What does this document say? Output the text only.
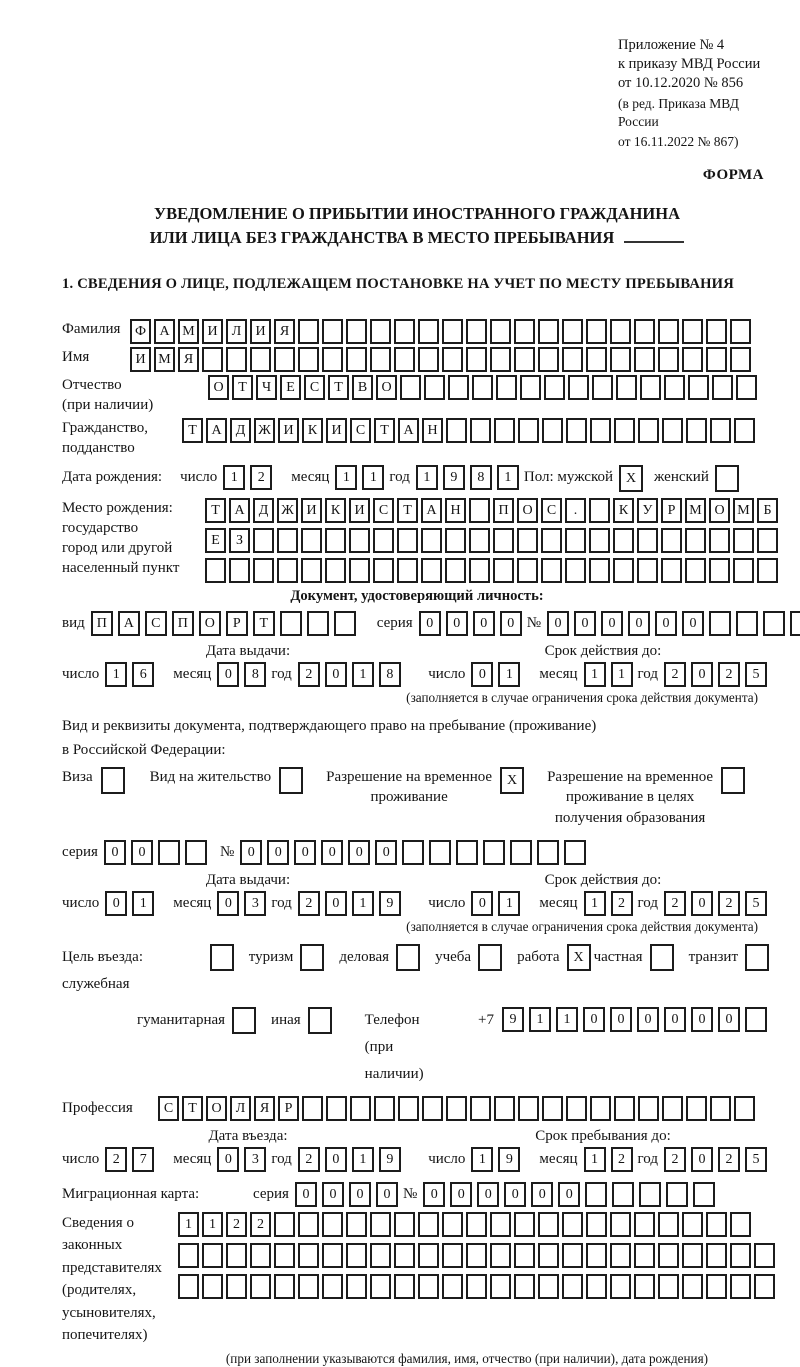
Приложение № 4
к приказу МВД России
от 10.12.2020 № 856
(в ред. Приказа МВД России
от 16.11.2022 № 867)
ФОРМА
УВЕДОМЛЕНИЕ О ПРИБЫТИИ ИНОСТРАННОГО ГРАЖДАНИНА
ИЛИ ЛИЦА БЕЗ ГРАЖДАНСТВА В МЕСТО ПРЕБЫВАНИЯ
1. СВЕДЕНИЯ О ЛИЦЕ, ПОДЛЕЖАЩЕМ ПОСТАНОВКЕ НА УЧЕТ ПО МЕСТУ ПРЕБЫВАНИЯ
Фамилия	Ф А М И Л И Я
Имя	И М Я
Отчество
(при наличии)
О Т Ч Е С Т В О
Гражданство,
подданство
Т А Д Ж И К И С Т А Н
Дата рождения: число 1 2	месяц 1 1 год 1 9 8 1 Пол: мужской X	женский
Место рождения:
государство
город или другой
населенный пункт
Т А Д Ж И К И С Т А Н	П О С .	К У Р М О М Б
Е З
Документ, удостоверяющий личность:
вид П А С П О Р Т	серия 0 0 0 0 № 0 0 0 0 0 0
Дата выдачи:	Срок действия до:
число 1 6	месяц 0 8 год 2 0 1 8	число 0 1	месяц 1 1 год 2 0 2 5
(заполняется в случае ограничения срока действия документа)
Вид и реквизиты документа, подтверждающего право на пребывание (проживание)
в Российской Федерации:
Виза	Вид на жительство	Разрешение на временное
проживание
X	Разрешение на временное
проживание в целях
получения образования
серия 0 0	№ 0 0 0 0 0 0
Дата выдачи:	Срок действия до:
число 0 1	месяц 0 3 год 2 0 1 9	число 0 1	месяц 1 2 год 2 0 2 5
(заполняется в случае ограничения срока действия документа)
Цель въезда: служебная
туризм	деловая	учеба	работа X частная	транзит
гуманитарная	иная	Телефон (при наличии)
+7	9 1 1 0 0 0 0 0 0
Профессия	С Т О Л Я Р
Дата въезда:	Срок пребывания до:
число 2 7	месяц 0 3 год 2 0 1 9	число 1 9	месяц 1 2 год 2 0 2 5
Миграционная карта:	серия 0 0 0 0 № 0 0 0 0 0 0
Сведения о
законных
представителях
(родителях,
усыновителях,
попечителях)
1 1 2 2
(при заполнении указываются фамилия, имя, отчество (при наличии), дата рождения)
